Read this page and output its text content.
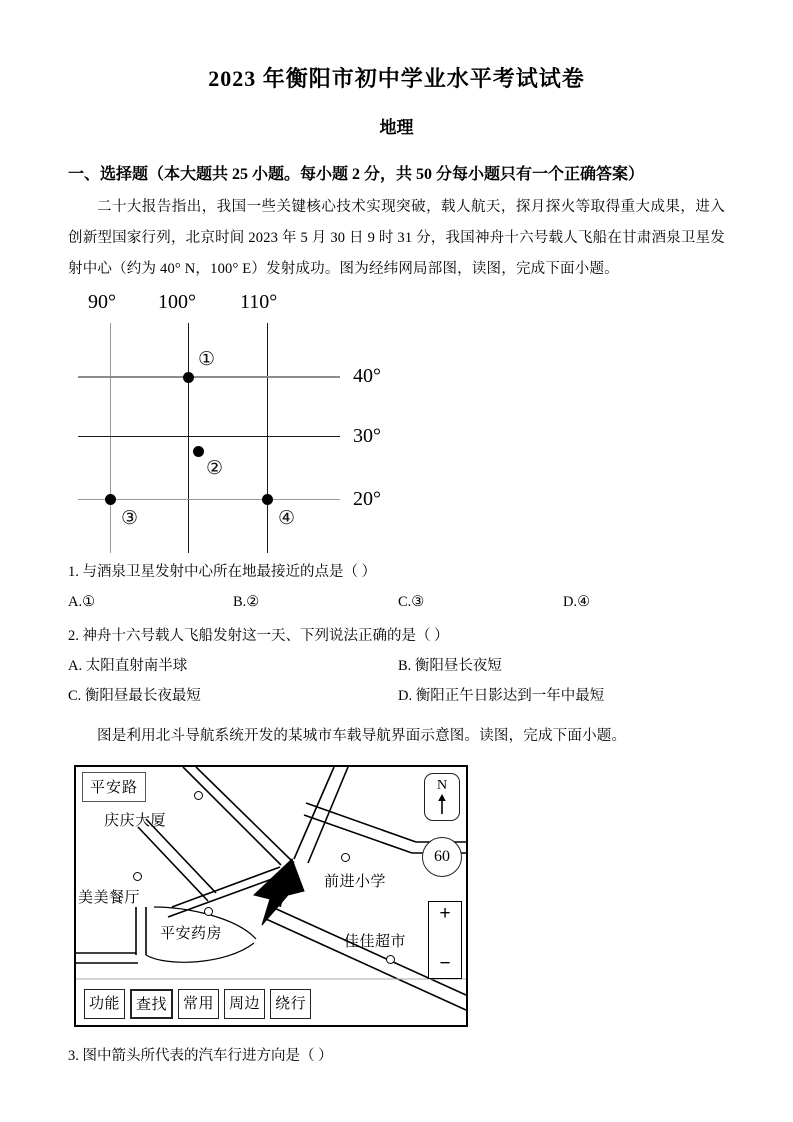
2023 年衡阳市初中学业水平考试试卷
地理
一、选择题（本大题共 25 小题。每小题 2 分，共 50 分每小题只有一个正确答案）

二十大报告指出，我国一些关键核心技术实现突破，载人航天，探月探火等取得重大成果，进入创新型国家行列，北京时间 2023 年 5 月 30 日 9 时 31 分，我国神舟十六号载人飞船在甘肃酒泉卫星发射中心（约为 40° N，100° E）发射成功。图为经纬网局部图，读图，完成下面小题。

90° 100° 110°
40°
30°
20°
①
②
③	④
1. 与酒泉卫星发射中心所在地最接近的点是（ ）
A.①	B.②	C.③	D.④
2. 神舟十六号载人飞船发射这一天、下列说法正确的是（ ）
A. 太阳直射南半球	B. 衡阳昼长夜短
C. 衡阳昼最长夜最短	D. 衡阳正午日影达到一年中最短

图是利用北斗导航系统开发的某城市车载导航界面示意图。读图，完成下面小题。

平安路
庆庆大厦
美美餐厅
平安药房
前进小学
佳佳超市
N
60
+
−
功能	查找	常用	周边	绕行
3. 图中箭头所代表的汽车行进方向是（ ）
